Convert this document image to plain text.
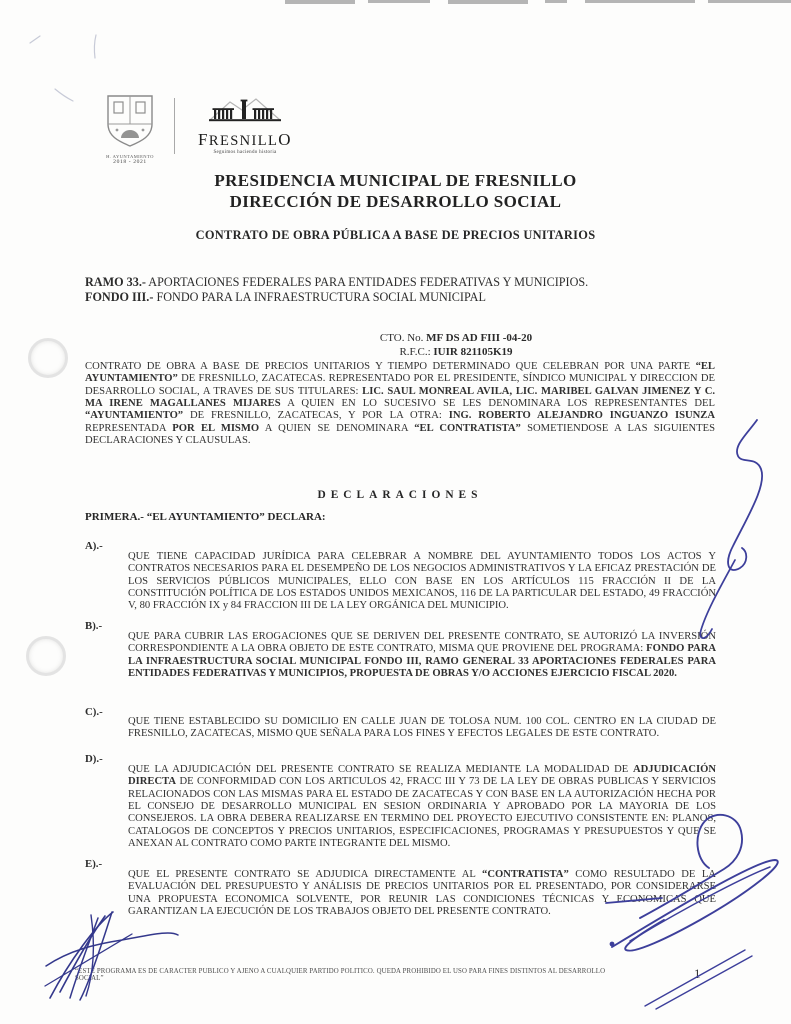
H. AYUNTAMIENTO
2018 - 2021
FRESNILLO
Seguimos haciendo historia
PRESIDENCIA MUNICIPAL DE FRESNILLO
DIRECCIÓN DE DESARROLLO SOCIAL
CONTRATO DE OBRA PÚBLICA A BASE DE PRECIOS UNITARIOS
RAMO 33.- APORTACIONES FEDERALES PARA ENTIDADES FEDERATIVAS Y MUNICIPIOS.
FONDO III.- FONDO PARA LA INFRAESTRUCTURA SOCIAL MUNICIPAL
CTO. No. MF DS AD FIII -04-20
R.F.C.: IUIR 821105K19

CONTRATO DE OBRA A BASE DE PRECIOS UNITARIOS Y TIEMPO DETERMINADO QUE CELEBRAN POR UNA PARTE “EL AYUNTAMIENTO” DE FRESNILLO, ZACATECAS. REPRESENTADO POR EL PRESIDENTE, SÍNDICO MUNICIPAL Y DIRECCION DE DESARROLLO SOCIAL, A TRAVES DE SUS TITULARES: LIC. SAUL MONREAL AVILA, LIC. MARIBEL GALVAN JIMENEZ Y C. MA IRENE MAGALLANES MIJARES A QUIEN EN LO SUCESIVO SE LES DENOMINARA LOS REPRESENTANTES DEL “AYUNTAMIENTO” DE FRESNILLO, ZACATECAS, Y POR LA OTRA: ING. ROBERTO ALEJANDRO INGUANZO ISUNZA REPRESENTADA POR EL MISMO A QUIEN SE DENOMINARA “EL CONTRATISTA” SOMETIENDOSE A LAS SIGUIENTES DECLARACIONES Y CLAUSULAS.

DECLARACIONES
PRIMERA.- “EL AYUNTAMIENTO” DECLARA:
A).-

QUE TIENE CAPACIDAD JURÍDICA PARA CELEBRAR A NOMBRE DEL AYUNTAMIENTO TODOS LOS ACTOS Y CONTRATOS NECESARIOS PARA EL DESEMPEÑO DE LOS NEGOCIOS ADMINISTRATIVOS Y LA EFICAZ PRESTACIÓN DE LOS SERVICIOS PÚBLICOS MUNICIPALES, ELLO CON BASE EN LOS ARTÍCULOS 115 FRACCIÓN II DE LA CONSTITUCIÓN POLÍTICA DE LOS ESTADOS UNIDOS MEXICANOS, 116 DE LA PARTICULAR DEL ESTADO, 49 FRACCIÓN V, 80 FRACCIÓN IX y 84 FRACCION III DE LA LEY ORGÁNICA DEL MUNICIPIO.

B).-

QUE PARA CUBRIR LAS EROGACIONES QUE SE DERIVEN DEL PRESENTE CONTRATO, SE AUTORIZÓ LA INVERSIÓN CORRESPONDIENTE A LA OBRA OBJETO DE ESTE CONTRATO, MISMA QUE PROVIENE DEL PROGRAMA: FONDO PARA LA INFRAESTRUCTURA SOCIAL MUNICIPAL FONDO III, RAMO GENERAL 33 APORTACIONES FEDERALES PARA ENTIDADES FEDERATIVAS Y MUNICIPIOS, PROPUESTA DE OBRAS Y/O ACCIONES EJERCICIO FISCAL 2020.

C).-

QUE TIENE ESTABLECIDO SU DOMICILIO EN CALLE JUAN DE TOLOSA NUM. 100 COL. CENTRO EN LA CIUDAD DE FRESNILLO, ZACATECAS, MISMO QUE SEÑALA PARA LOS FINES Y EFECTOS LEGALES DE ESTE CONTRATO.

D).-

QUE LA ADJUDICACIÓN DEL PRESENTE CONTRATO SE REALIZA MEDIANTE LA MODALIDAD DE ADJUDICACIÓN DIRECTA DE CONFORMIDAD CON LOS ARTICULOS 42, FRACC III Y 73 DE LA LEY DE OBRAS PUBLICAS Y SERVICIOS RELACIONADOS CON LAS MISMAS PARA EL ESTADO DE ZACATECAS Y CON BASE EN LA AUTORIZACIÓN HECHA POR EL CONSEJO DE DESARROLLO MUNICIPAL EN SESION ORDINARIA Y APROBADO POR LA MAYORIA DE LOS CONSEJEROS. LA OBRA DEBERA REALIZARSE EN TERMINO DEL PROYECTO EJECUTIVO CONSISTENTE EN: PLANOS, CATALOGOS DE CONCEPTOS Y PRECIOS UNITARIOS, ESPECIFICACIONES, PROGRAMAS Y PRESUPUESTOS Y QUE SE ANEXAN AL CONTRATO COMO PARTE INTEGRANTE DEL MISMO.

E).-

QUE EL PRESENTE CONTRATO SE ADJUDICA DIRECTAMENTE AL “CONTRATISTA” COMO RESULTADO DE LA EVALUACIÓN DEL PRESUPUESTO Y ANÁLISIS DE PRECIOS UNITARIOS POR EL PRESENTADO, POR CONSIDERARSE UNA PROPUESTA ECONOMICA SOLVENTE, POR REUNIR LAS CONDICIONES TÉCNICAS Y ECONOMICAS QUE GARANTIZAN LA EJECUCIÓN DE LOS TRABAJOS OBJETO DEL PRESENTE CONTRATO.

“ESTE PROGRAMA ES DE CARACTER PUBLICO Y AJENO A CUALQUIER PARTIDO POLITICO. QUEDA PROHIBIDO EL USO PARA FINES DISTINTOS AL DESARROLLO SOCIAL”	1
